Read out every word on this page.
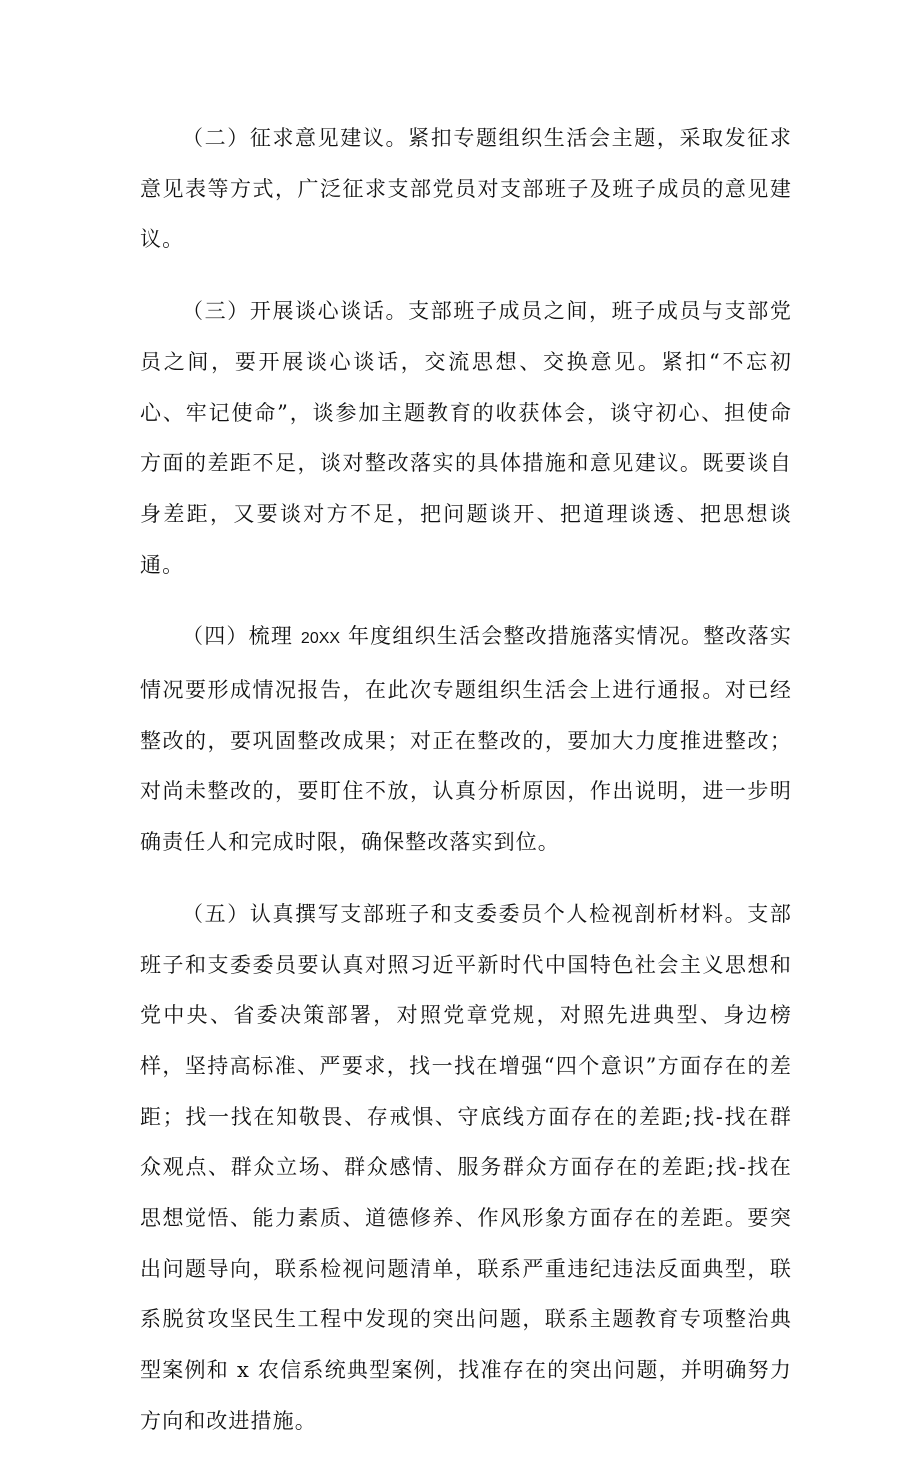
（二）征求意见建议。紧扣专题组织生活会主题，采取发征求意见表等方式，广泛征求支部党员对支部班子及班子成员的意见建议。

（三）开展谈心谈话。支部班子成员之间，班子成员与支部党员之间，要开展谈心谈话，交流思想、交换意见。紧扣“不忘初心、牢记使命”，谈参加主题教育的收获体会，谈守初心、担使命方面的差距不足，谈对整改落实的具体措施和意见建议。既要谈自身差距，又要谈对方不足，把问题谈开、把道理谈透、把思想谈通。

（四）梳理 20XX 年度组织生活会整改措施落实情况。整改落实情况要形成情况报告，在此次专题组织生活会上进行通报。对已经整改的，要巩固整改成果；对正在整改的，要加大力度推进整改；对尚未整改的，要盯住不放，认真分析原因，作出说明，进一步明确责任人和完成时限，确保整改落实到位。

（五）认真撰写支部班子和支委委员个人检视剖析材料。支部班子和支委委员要认真对照习近平新时代中国特色社会主义思想和党中央、省委决策部署，对照党章党规，对照先进典型、身边榜样，坚持高标准、严要求，找一找在增强“四个意识”方面存在的差距；找一找在知敬畏、存戒惧、守底线方面存在的差距;找-找在群众观点、群众立场、群众感情、服务群众方面存在的差距;找-找在思想觉悟、能力素质、道德修养、作风形象方面存在的差距。要突出问题导向，联系检视问题清单，联系严重违纪违法反面典型，联系脱贫攻坚民生工程中发现的突出问题，联系主题教育专项整治典型案例和 x 农信系统典型案例，找准存在的突出问题，并明确努力方向和改进措施。
